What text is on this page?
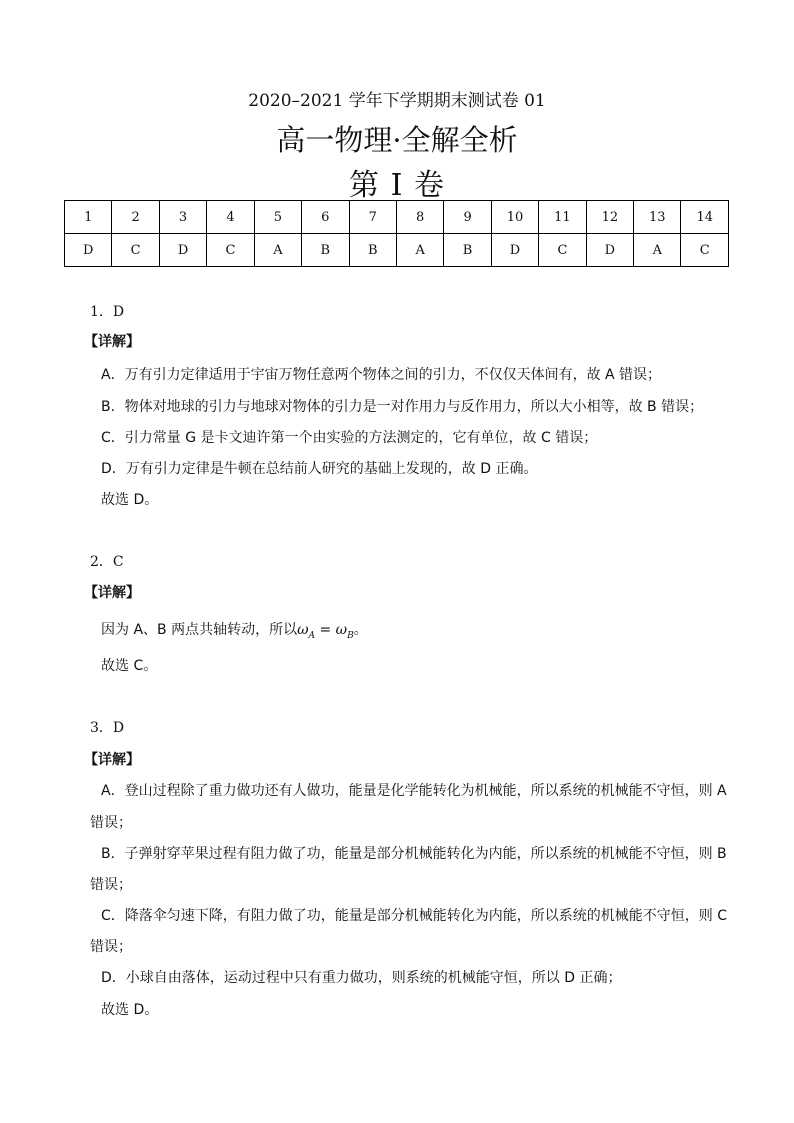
2020–2021 学年下学期期末测试卷 01
高一物理·全解全析
第 I 卷
1	2	3	4	5	6	7	8	9	10	11	12	13	14
D	C	D	C	A	B	B	A	B	D	C	D	A	C
1．D
【详解】
A．万有引力定律适用于宇宙万物任意两个物体之间的引力，不仅仅天体间有，故 A 错误；
B．物体对地球的引力与地球对物体的引力是一对作用力与反作用力，所以大小相等，故 B 错误；
C．引力常量 G 是卡文迪许第一个由实验的方法测定的，它有单位，故 C 错误；
D．万有引力定律是牛顿在总结前人研究的基础上发现的，故 D 正确。
故选 D。
2．C
【详解】
因为 A、B 两点共轴转动，所以$\omega_A = \omega_B$。
故选 C。
3．D
【详解】
A．登山过程除了重力做功还有人做功，能量是化学能转化为机械能，所以系统的机械能不守恒，则 A
错误；
B．子弹射穿苹果过程有阻力做了功，能量是部分机械能转化为内能，所以系统的机械能不守恒，则 B
错误；
C．降落伞匀速下降，有阻力做了功，能量是部分机械能转化为内能，所以系统的机械能不守恒，则 C
错误；
D．小球自由落体，运动过程中只有重力做功，则系统的机械能守恒，所以 D 正确；
故选 D。
